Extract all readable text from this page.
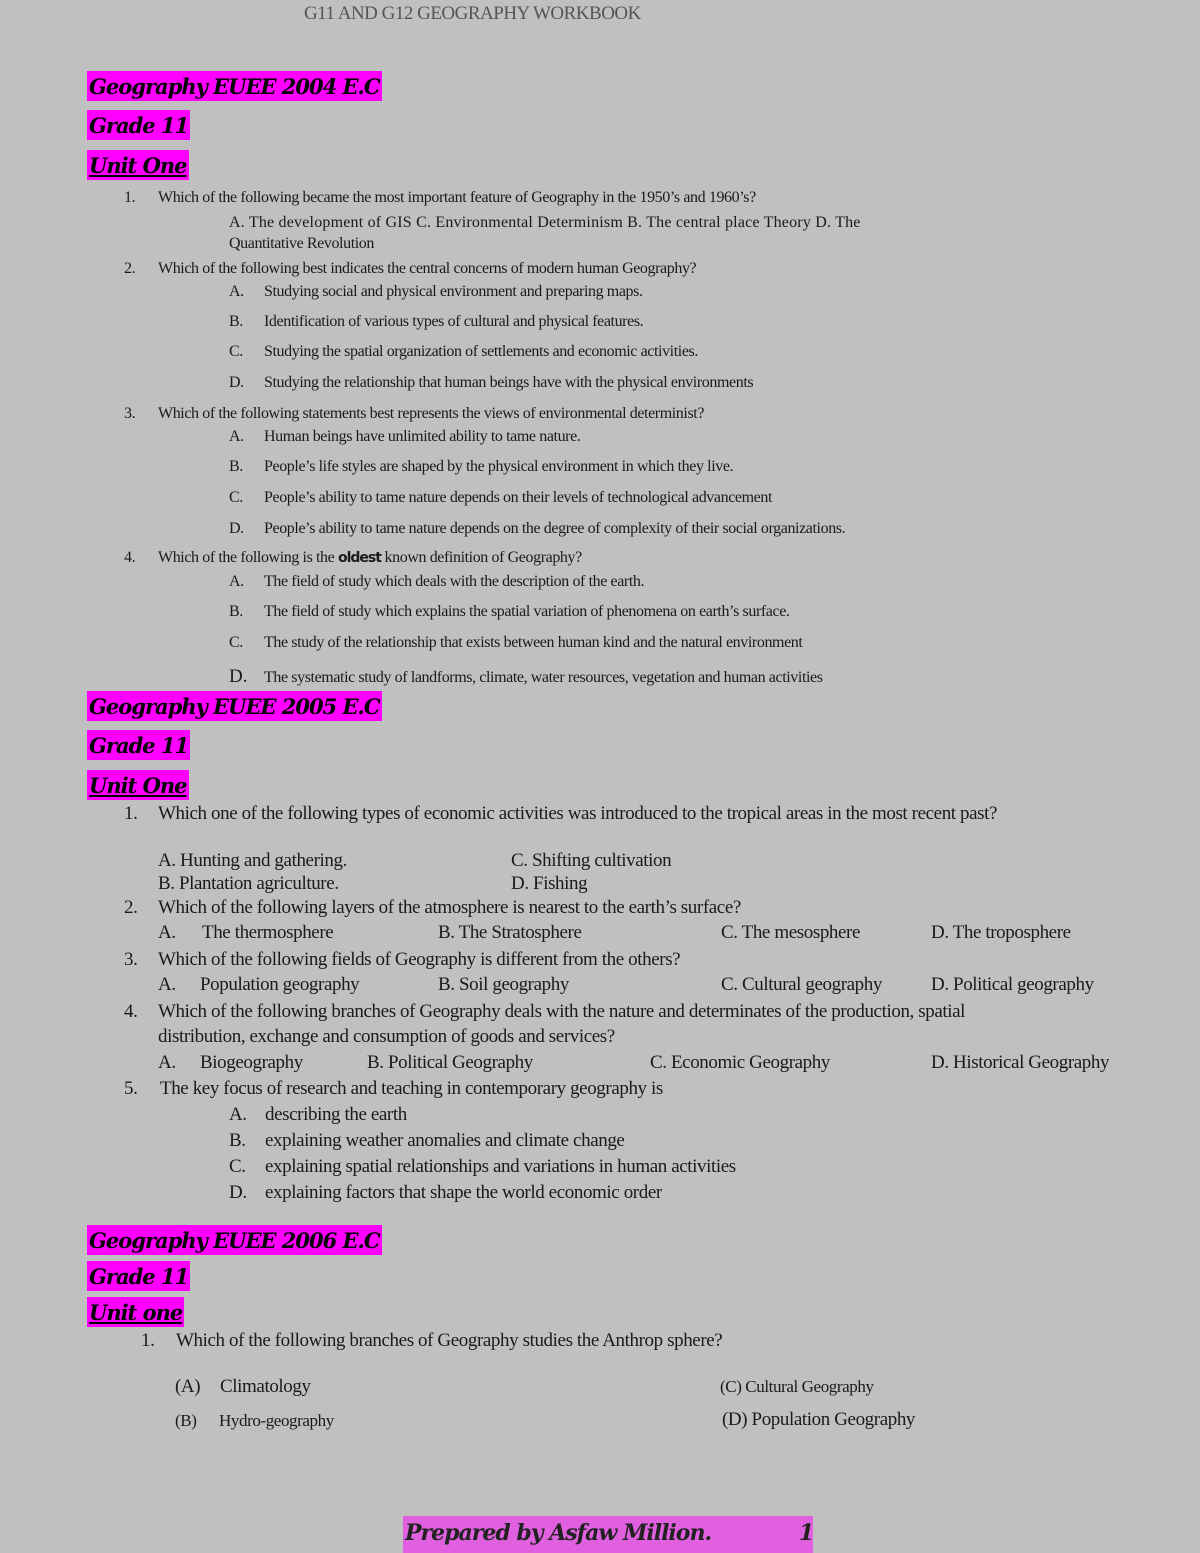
G11 AND G12 GEOGRAPHY WORKBOOK
Geography EUEE 2004 E.C
Grade 11
Unit One
1. Which of the following became the most important feature of Geography in the 1950’s and 1960’s?
A. The development of GIS C. Environmental Determinism B. The central place Theory D. The
Quantitative Revolution
2. Which of the following best indicates the central concerns of modern human Geography?
A. Studying social and physical environment and preparing maps.
B. Identification of various types of cultural and physical features.
C. Studying the spatial organization of settlements and economic activities.
D. Studying the relationship that human beings have with the physical environments
3. Which of the following statements best represents the views of environmental determinist?
A. Human beings have unlimited ability to tame nature.
B. People’s life styles are shaped by the physical environment in which they live.
C. People’s ability to tame nature depends on their levels of technological advancement
D. People’s ability to tame nature depends on the degree of complexity of their social organizations.
4. Which of the following is the oldest known definition of Geography?
A. The field of study which deals with the description of the earth.
B. The field of study which explains the spatial variation of phenomena on earth’s surface.
C. The study of the relationship that exists between human kind and the natural environment
D. The systematic study of landforms, climate, water resources, vegetation and human activities
Geography EUEE 2005 E.C
Grade 11
Unit One
1. Which one of the following types of economic activities was introduced to the tropical areas in the most recent past?
A. Hunting and gathering.	C. Shifting cultivation
B. Plantation agriculture.	D. Fishing
2. Which of the following layers of the atmosphere is nearest to the earth’s surface?
A. The thermosphere	B. The Stratosphere	C. The mesosphere	D. The troposphere
3. Which of the following fields of Geography is different from the others?
A. Population geography	B. Soil geography	C. Cultural geography	D. Political geography
4. Which of the following branches of Geography deals with the nature and determinates of the production, spatial
distribution, exchange and consumption of goods and services?
A. Biogeography	B. Political Geography	C. Economic Geography	D. Historical Geography
5. The key focus of research and teaching in contemporary geography is
A. describing the earth
B. explaining weather anomalies and climate change
C. explaining spatial relationships and variations in human activities
D. explaining factors that shape the world economic order
Geography EUEE 2006 E.C
Grade 11
Unit one
1. Which of the following branches of Geography studies the Anthrop sphere?
(A) Climatology	(C) Cultural Geography
(B) Hydro-geography	(D) Population Geography
Prepared by Asfaw Million.	1
